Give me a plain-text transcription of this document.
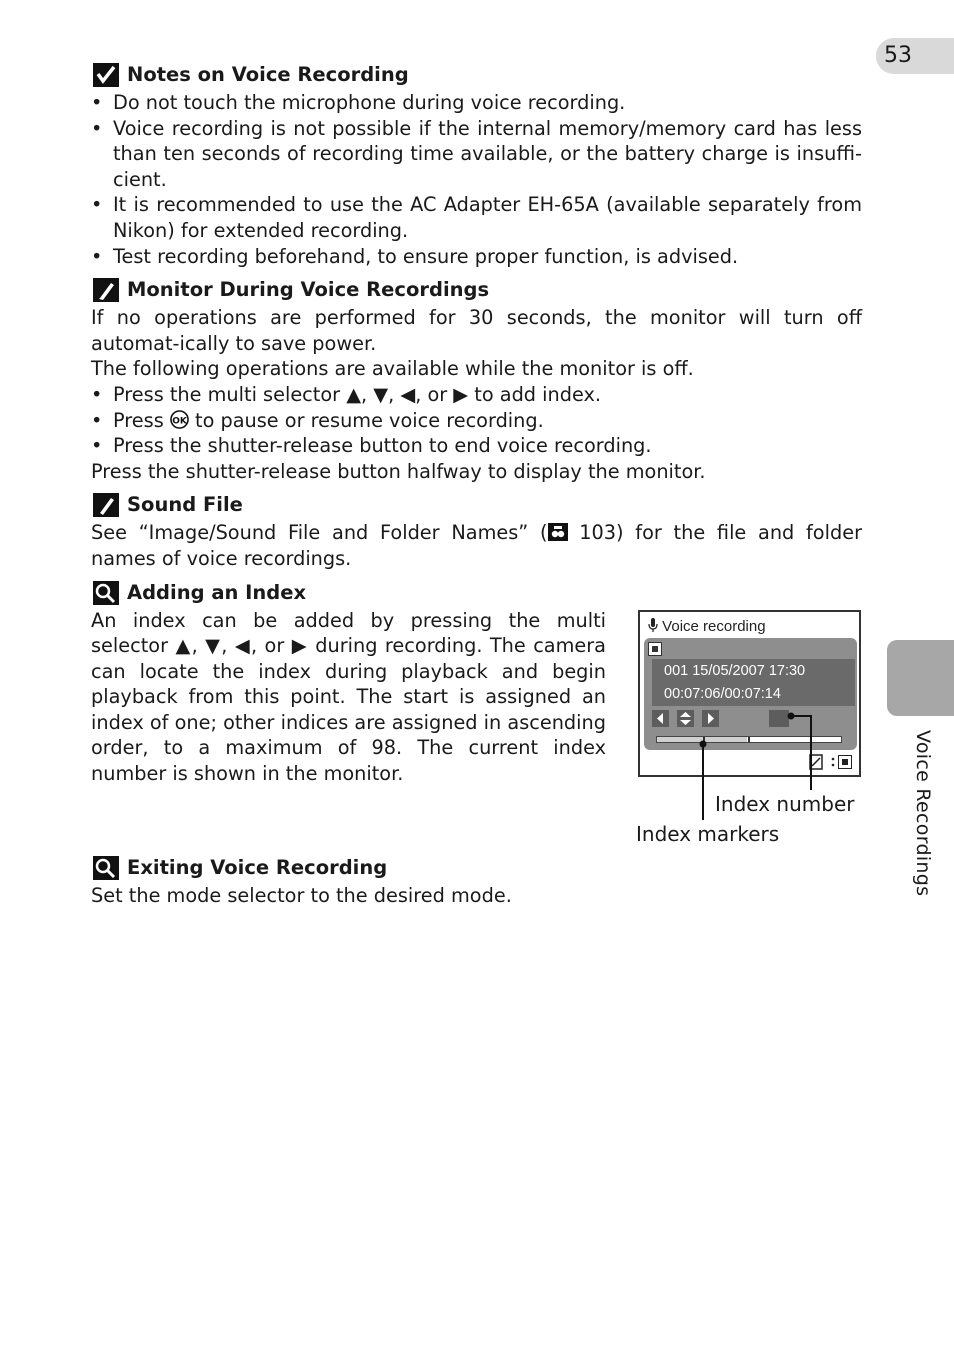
53
Voice Recordings
Notes on Voice Recording
• Do not touch the microphone during voice recording.
• Voice recording is not possible if the internal memory/memory card has less than ten seconds of recording time available, or the battery charge is insuffi-cient.
• It is recommended to use the AC Adapter EH-65A (available separately from Nikon) for extended recording.
• Test recording beforehand, to ensure proper function, is advised.
Monitor During Voice Recordings

If no operations are performed for 30 seconds, the monitor will turn off automat-ically to save power.

The following operations are available while the monitor is off.

• Press the multi selector ▲, ▼, ◀, or ▶ to add index.
• Press OK to pause or resume voice recording.
• Press the shutter-release button to end voice recording.

Press the shutter-release button halfway to display the monitor.

Sound File

See “Image/Sound File and Folder Names” ( 103) for the file and folder names of voice recordings.

Adding an Index

An index can be added by pressing the multi selector ▲, ▼, ◀, or ▶ during recording. The camera can locate the index during playback and begin playback from this point. The start is assigned an index of one; other indices are assigned in ascending order, to a maximum of 98. The current index number is shown in the monitor.

Exiting Voice Recording

Set the mode selector to the desired mode.

Voice recording
001 15/05/2007 17:30
00:07:06/00:07:14
Index number
Index markers
